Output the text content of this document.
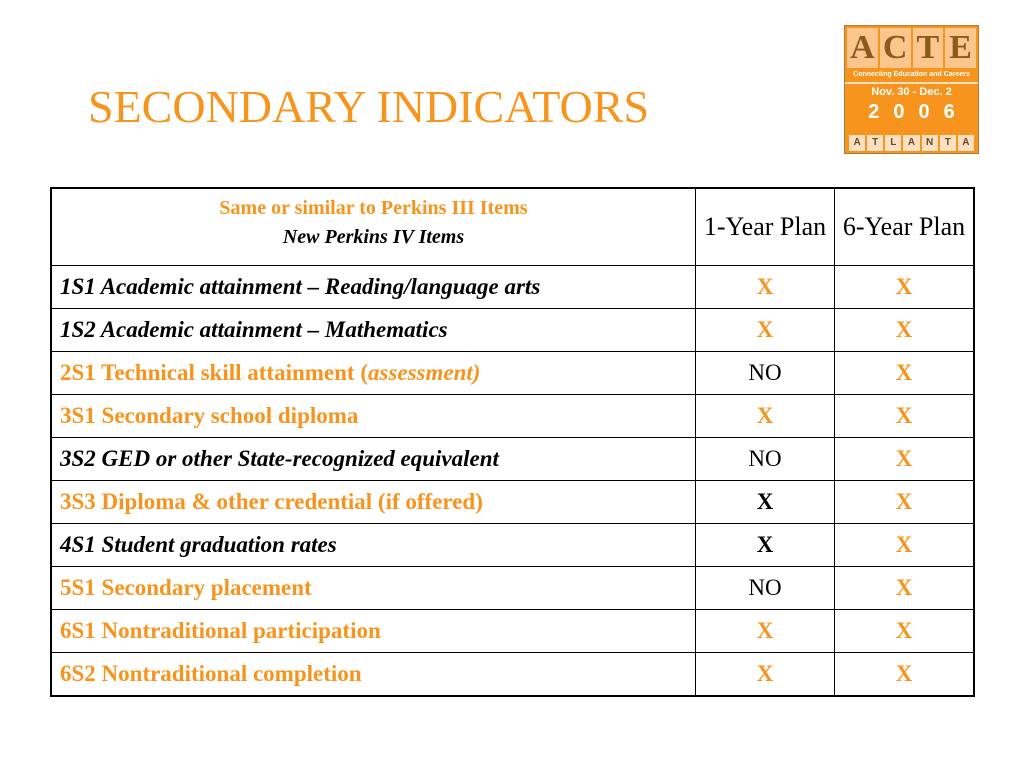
SECONDARY INDICATORS
A C T E
Connecting Education and Careers
Nov. 30 - Dec. 2
2006
A	T	L	A	N	T	A
Same or similar to Perkins III Items
New Perkins IV Items	1-Year Plan	6-Year Plan
1S1 Academic attainment – Reading/language arts	X	X
1S2 Academic attainment – Mathematics	X	X
2S1 Technical skill attainment (assessment)	NO	X
3S1 Secondary school diploma	X	X
3S2 GED or other State-recognized equivalent	NO	X
3S3 Diploma & other credential (if offered)	X	X
4S1 Student graduation rates	X	X
5S1 Secondary placement	NO	X
6S1 Nontraditional participation	X	X
6S2 Nontraditional completion	X	X
